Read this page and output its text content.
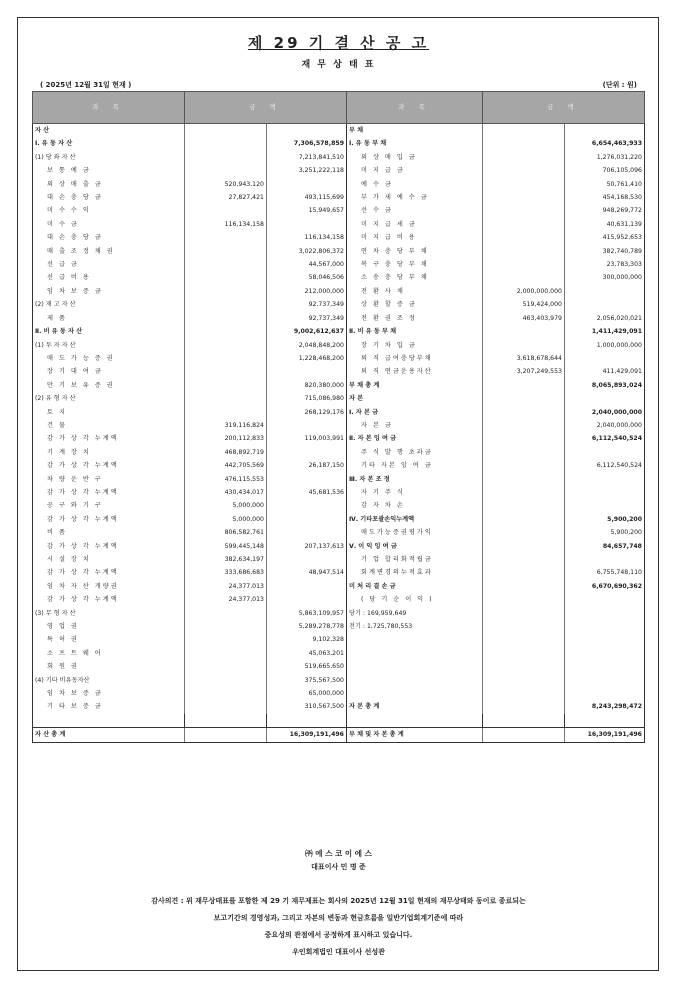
제 29 기 결 산 공 고
재 무 상 태 표
( 2025년 12월 31일 현재 )	(단위 : 원)
과 목	금 액		과 목	금 액	
자 산			부 채		
Ⅰ. 유 동 자 산		7,306,578,859	Ⅰ. 유 동 부 채		6,654,463,933
(1) 당 좌 자 산		7,213,841,510	외 상 매 입 금		1,276,031,220
보 통 예 금		3,251,222,118	미 지 급 금		706,105,096
외 상 매 출 금	520,943,120		예 수 금		50,761,410
대 손 충 당 금	27,827,421	493,115,699	부 가 세 예 수 금		454,168,530
미 수 수 익		15,949,657	선 수 금		948,269,772
미 수 금	116,134,158		미 지 급 세 금		40,631,139
대 손 충 당 금		116,134,158	미 지 급 비 용		415,952,653
매 출 조 정 채 권		3,022,806,372	연 차 충 당 부 채		382,740,789
선 급 금		44,567,000	복 구 충 당 부 채		23,783,303
선 급 비 용		58,046,506	소 송 충 당 부 채		300,000,000
임 차 보 증 금		212,000,000	전 환 사 채	2,000,000,000	
(2) 재 고 자 산		92,737,349	상 환 할 증 금	519,424,000	
제 품		92,737,349	전 환 권 조 정	463,403,979	2,056,020,021
Ⅱ. 비 유 동 자 산		9,002,612,637	Ⅱ. 비 유 동 부 채		1,411,429,091
(1) 투 자 자 산		2,048,848,200	장 기 차 입 금		1,000,000,000
매 도 가 능 증 권		1,228,468,200	퇴 직 급여충당부채	3,618,678,644	
장 기 대 여 금			퇴 직 연금운용자산	3,207,249,553	411,429,091
만 기 보 유 증 권		820,380,000	부 채 총 계		8,065,893,024
(2) 유 형 자 산		715,086,980	자 본		
토 지		268,129,176	Ⅰ. 자 본 금		2,040,000,000
건 물	319,116,824		자 본 금		2,040,000,000
감 가 상 각 누계액	200,112,833	119,003,991	Ⅱ. 자 본 잉 여 금		6,112,540,524
기 계 장 치	468,892,719		주 식 발 행 초과금		
감 가 상 각 누계액	442,705,569	26,187,150	기타 자본 잉 여 금		6,112,540,524
차 량 운 반 구	476,115,553		Ⅲ. 자 본 조 정		
감 가 상 각 누계액	430,434,017	45,681,536	자 기 주 식		
공 구 와 기 구	5,000,000		감 자 차 손		
감 가 상 각 누계액	5,000,000		Ⅳ. 기타포괄손익누계액		5,900,200
비 품	806,582,761		매도가능증권평가익		5,900,200
감 가 상 각 누계액	599,445,148	207,137,613	Ⅴ. 이 익 잉 여 금		84,657,748
시 설 장 치	382,634,197		기 업 합리화적립금		
감 가 상 각 누계액	333,686,683	48,947,514	회계변경의누적효과		6,755,748,110
임 차 자 산 개량권	24,377,013		미 처 리 결 손 금		6,670,690,362
감 가 상 각 누계액	24,377,013		( 당 기 순 이 익 )		
(3) 무 형 자 산		5,863,109,957	당기 : 169,959,649		
영 업 권		5,289,278,778	전기 : 1,725,780,553		
특 허 권		9,102,328			
소 프 트 웨 어		45,063,201			
회 원 권		519,665,650			
(4) 기타 비유동자산		375,567,500			
임 차 보 증 금		65,000,000			
기 타 보 증 금		310,567,500	자 본 총 계		8,243,298,472

자 산 총 계		16,309,191,496	부 채 및 자 본 총 계		16,309,191,496
㈜ 에 스 코 이 에 스
대표이사 민 명 준
감사의견 : 위 재무상태표를 포함한 제 29 기 재무제표는 회사의 2025년 12월 31일 현재의 재무상태와 동이로 종료되는
보고기간의 경영성과, 그리고 자본의 변동과 현금흐름을 일반기업회계기준에 따라
중요성의 관점에서 공정하게 표시하고 있습니다.
우인회계법인 대표이사 선성관
